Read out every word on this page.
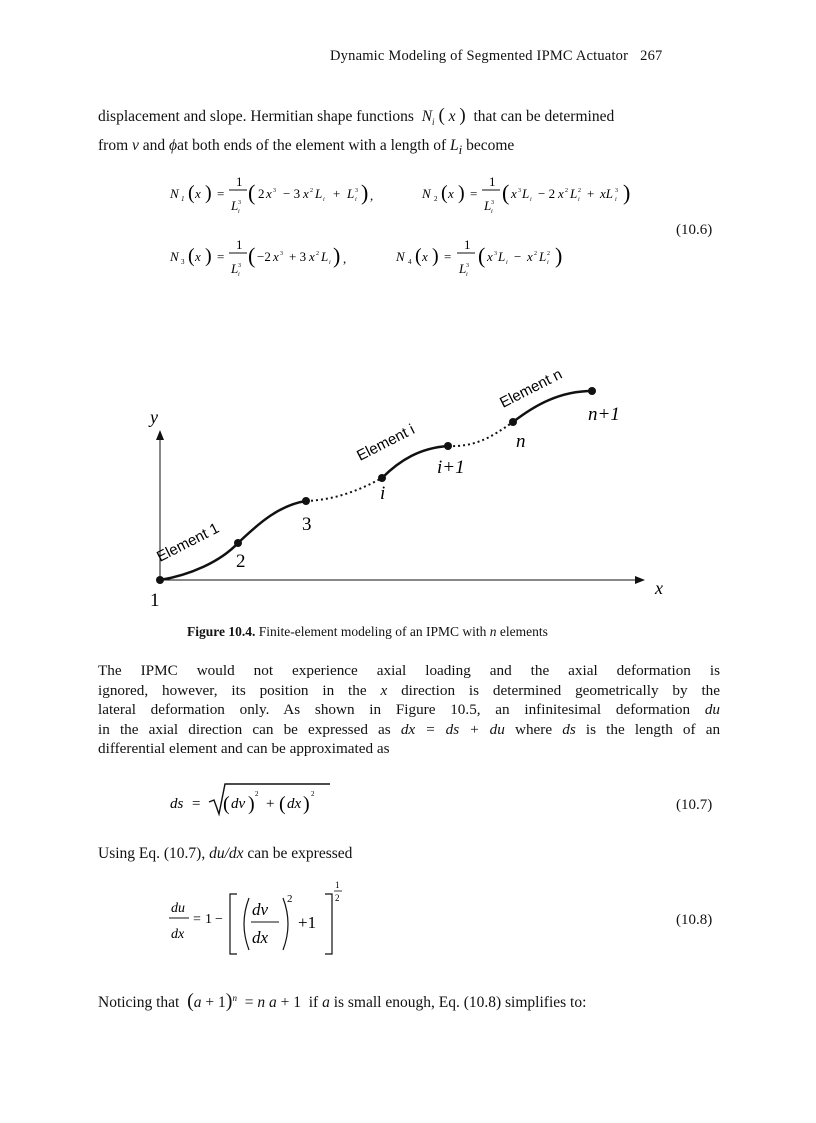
Dynamic Modeling of Segmented IPMC Actuator 267
displacement and slope. Hermitian shape functions $N_i$ ( x ) that can be determined
from v and ϕat both ends of the element with a length of $L_i$ become
N 1 ( x ) =
1
L 3
i
( 2 x 3 − 3 x 2 L i + L 3
i ) ,	N 2 ( x ) =
1
L 3
i
( x 3 L i − 2 x 2 L 2
i + xL 3
i )
N 3 ( x ) =
1
L 3
i
( −2 x 3 + 3 x 2 L i ) ,	N 4 ( x ) =
1
L 3
i
( x 3 L i − x 2 L 2
i )
(10.6)
y
x
1
2
3
i
i+1
n
n+1
Element 1
Element i
Element n
Figure 10.4. Finite-element modeling of an IPMC with n elements
The IPMC would not experience axial loading and the axial deformation is
ignored, however, its position in the x direction is determined geometrically by the
lateral deformation only. As shown in Figure 10.5, an infinitesimal deformation du
in the axial direction can be expressed as dx = ds + du where ds is the length of an
differential element and can be approximated as
ds = ( dv ) 2
+ ( dx ) 2
(10.7)
Using Eq. (10.7), du/dx can be expressed
du
dx
= 1 −
dv
dx
2
+1
1
2
(10.8)
Noticing that $(a + 1)^n = n$ a + 1  if a is small enough, Eq. (10.8) simplifies to:
